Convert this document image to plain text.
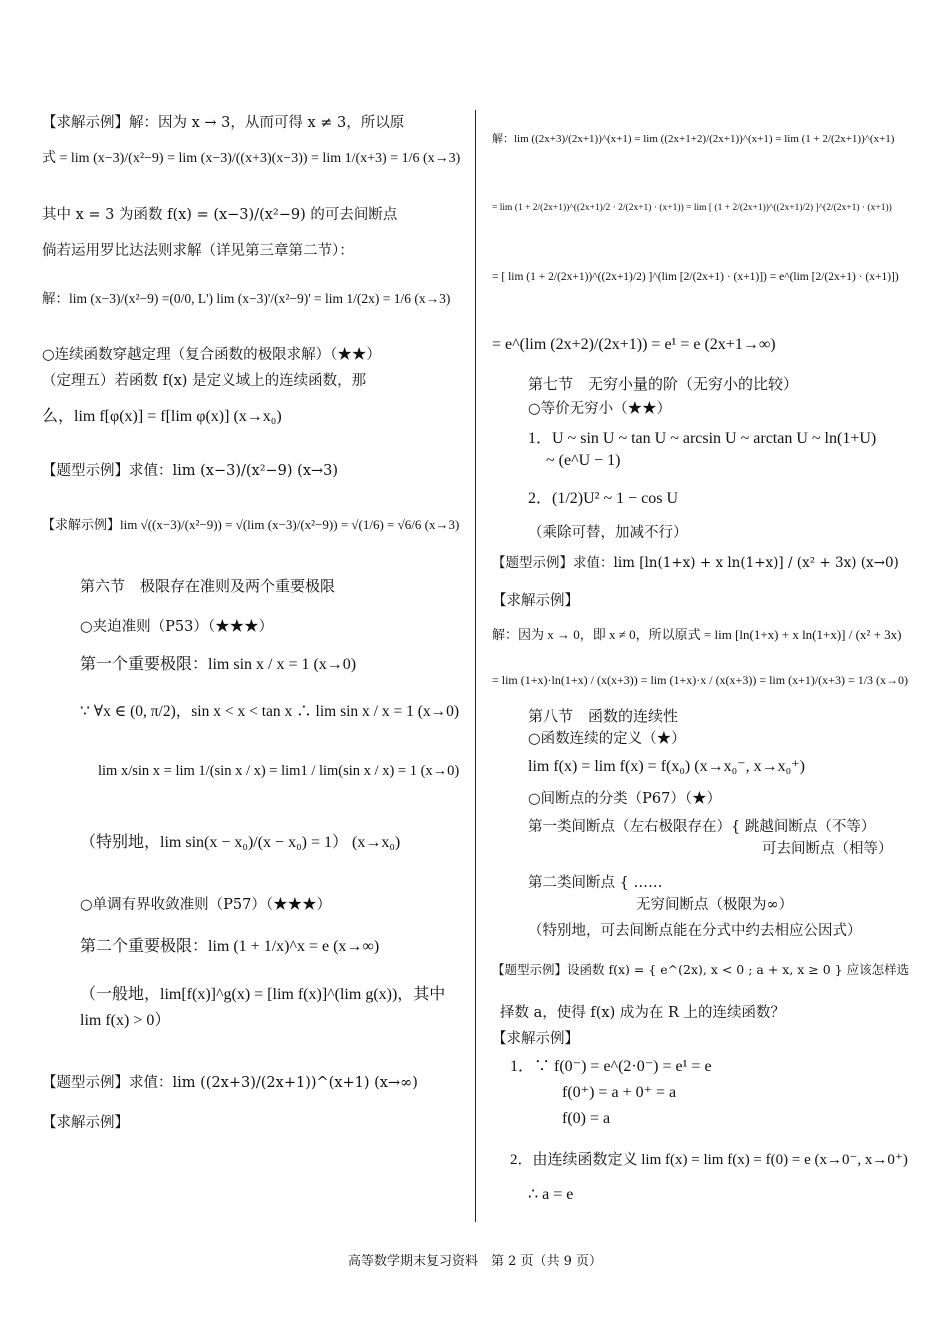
【求解示例】解：因为 x → 3，从而可得 x ≠ 3，所以原
式 = lim (x−3)/(x²−9) = lim (x−3)/((x+3)(x−3)) = lim 1/(x+3) = 1/6 (x→3)
其中 x = 3 为函数 f(x) = (x−3)/(x²−9) 的可去间断点
倘若运用罗比达法则求解（详见第三章第二节）：
解：lim (x−3)/(x²−9) =(0/0, L') lim (x−3)'/(x²−9)' = lim 1/(2x) = 1/6 (x→3)
○连续函数穿越定理（复合函数的极限求解）（★★）
（定理五）若函数 f(x) 是定义域上的连续函数，那
么，lim f[φ(x)] = f[lim φ(x)] (x→x₀)
【题型示例】求值：lim (x−3)/(x²−9) (x→3)
【求解示例】lim √((x−3)/(x²−9)) = √(lim (x−3)/(x²−9)) = √(1/6) = √6/6 (x→3)
第六节　极限存在准则及两个重要极限
○夹迫准则（P53）（★★★）
第一个重要极限：lim sin x / x = 1 (x→0)
∵ ∀x ∈ (0, π/2)，sin x < x < tan x ∴ lim sin x / x = 1 (x→0)
lim x/sin x = lim 1/(sin x / x) = lim1 / lim(sin x / x) = 1 (x→0)
（特别地，lim sin(x − x₀)/(x − x₀) = 1） (x→x₀)
○单调有界收敛准则（P57）（★★★）
第二个重要极限：lim (1 + 1/x)^x = e (x→∞)
（一般地，lim[f(x)]^g(x) = [lim f(x)]^(lim g(x))，其中
lim f(x) > 0）
【题型示例】求值：lim ((2x+3)/(2x+1))^(x+1) (x→∞)
【求解示例】
解：lim ((2x+3)/(2x+1))^(x+1) = lim ((2x+1+2)/(2x+1))^(x+1) = lim (1 + 2/(2x+1))^(x+1)
= lim (1 + 2/(2x+1))^((2x+1)/2 · 2/(2x+1) · (x+1)) = lim [ (1 + 2/(2x+1))^((2x+1)/2) ]^(2/(2x+1) · (x+1))
= [ lim (1 + 2/(2x+1))^((2x+1)/2) ]^(lim [2/(2x+1) · (x+1)]) = e^(lim [2/(2x+1) · (x+1)])
= e^(lim (2x+2)/(2x+1)) = e¹ = e (2x+1→∞)
第七节　无穷小量的阶（无穷小的比较）
○等价无穷小（★★）
1．U ~ sin U ~ tan U ~ arcsin U ~ arctan U ~ ln(1+U)
~ (e^U − 1)
2．(1/2)U² ~ 1 − cos U
（乘除可替，加减不行）
【题型示例】求值：lim [ln(1+x) + x ln(1+x)] / (x² + 3x) (x→0)
【求解示例】
解：因为 x → 0，即 x ≠ 0，所以原式 = lim [ln(1+x) + x ln(1+x)] / (x² + 3x)
= lim (1+x)·ln(1+x) / (x(x+3)) = lim (1+x)·x / (x(x+3)) = lim (x+1)/(x+3) = 1/3 (x→0)
第八节　函数的连续性
○函数连续的定义（★）
lim f(x) = lim f(x) = f(x₀) (x→x₀⁻, x→x₀⁺)
○间断点的分类（P67）（★）
第一类间断点（左右极限存在）{ 跳越间断点（不等）
可去间断点（相等）
第二类间断点 { ……
无穷间断点（极限为∞）
（特别地，可去间断点能在分式中约去相应公因式）
【题型示例】设函数 f(x) = { e^(2x), x < 0 ; a + x, x ≥ 0 } 应该怎样选
择数 a，使得 f(x) 成为在 R 上的连续函数？
【求解示例】
1．∵ f(0⁻) = e^(2·0⁻) = e¹ = e
f(0⁺) = a + 0⁺ = a
f(0) = a
2．由连续函数定义 lim f(x) = lim f(x) = f(0) = e (x→0⁻, x→0⁺)
∴ a = e
高等数学期末复习资料　第 2 页（共 9 页）
